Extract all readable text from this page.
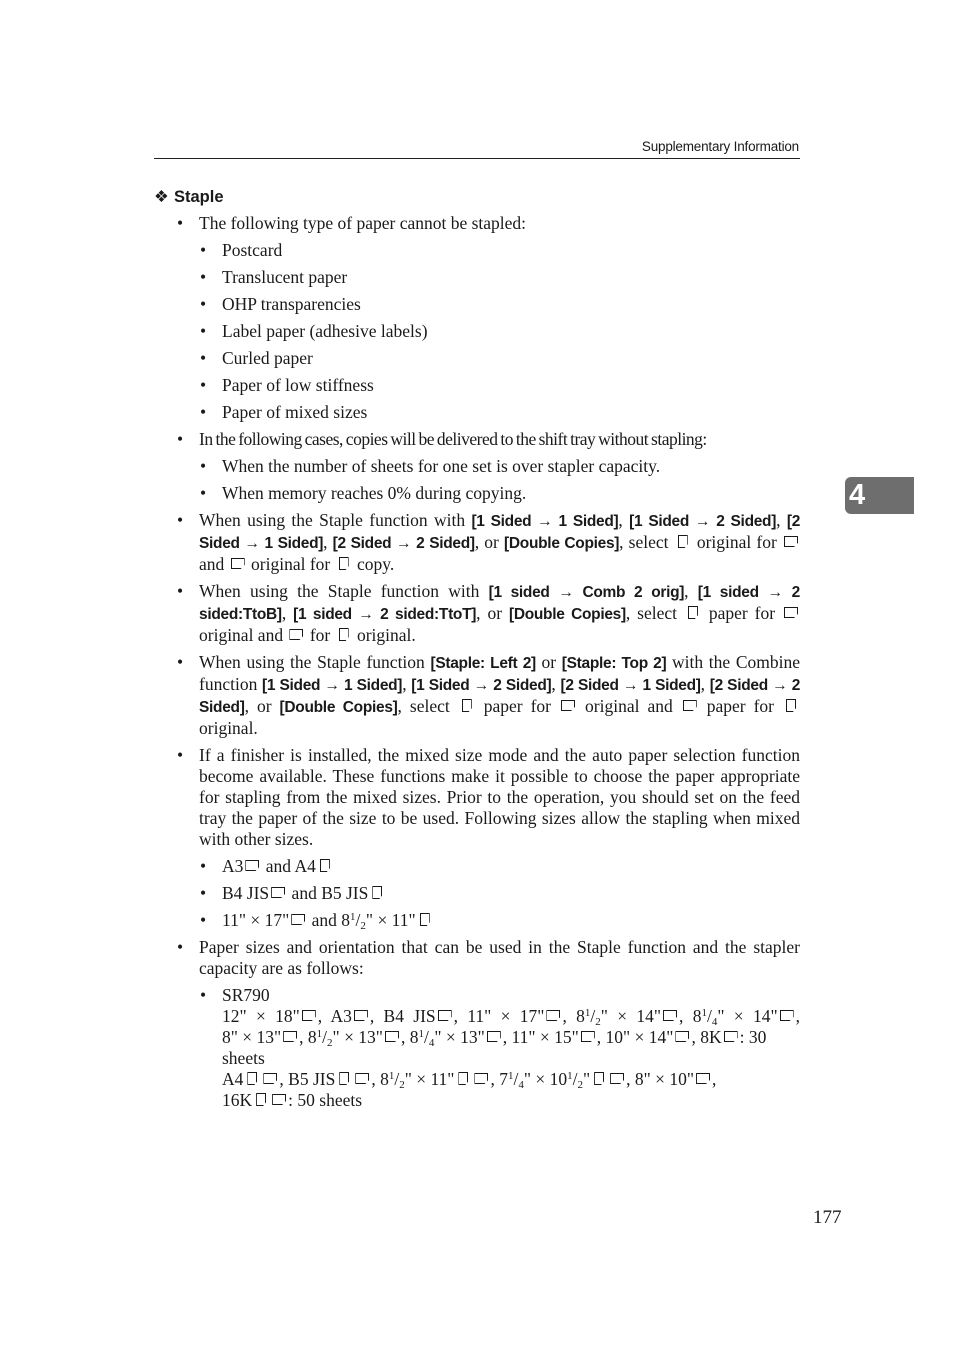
Supplementary Information
4
❖ Staple
• The following type of paper cannot be stapled:
• Postcard
• Translucent paper
• OHP transparencies
• Label paper (adhesive labels)
• Curled paper
• Paper of low stiffness
• Paper of mixed sizes
• In the following cases, copies will be delivered to the shift tray without stapling:
• When the number of sheets for one set is over stapler capacity.
• When memory reaches 0% during copying.
• When using the Staple function with [1 Sided → 1 Sided], [1 Sided → 2 Sided], [2 Sided → 1 Sided], [2 Sided → 2 Sided], or [Double Copies], select  original for  and  original for  copy.
• When using the Staple function with [1 sided → Comb 2 orig], [1 sided → 2 sided:TtoB], [1 sided → 2 sided:TtoT], or [Double Copies], select  paper for  original and  for  original.
• When using the Staple function [Staple: Left 2] or [Staple: Top 2] with the Combine function [1 Sided → 1 Sided], [1 Sided → 2 Sided], [2 Sided → 1 Sided], [2 Sided → 2 Sided], or [Double Copies], select  paper for  original and  paper for  original.
• If a finisher is installed, the mixed size mode and the auto paper selection function become available. These functions make it possible to choose the paper appropriate for stapling from the mixed sizes. Prior to the operation, you should set on the feed tray the paper of the size to be used. Following sizes allow the stapling when mixed with other sizes.
• A3 and A4
• B4 JIS and B5 JIS
• 11" × 17" and $8^1/_2$" × 11"
• Paper sizes and orientation that can be used in the Staple function and the stapler capacity are as follows:
• SR790
12" × 18" , A3 , B4 JIS , 11" × 17" , $8^1/_2$" × 14" , $8^1/_4$" × 14" ,
8" × 13" , $8^1/_2$" × 13" , $8^1/_4$" × 13" , 11" × 15" , 10" × 14" , 8K : 30 sheets
A4 , B5 JIS , $8^1/_2$" × 11" , $7^1/_4$" × $10^1/_2$" , 8" × 10" ,
16K : 50 sheets
177
